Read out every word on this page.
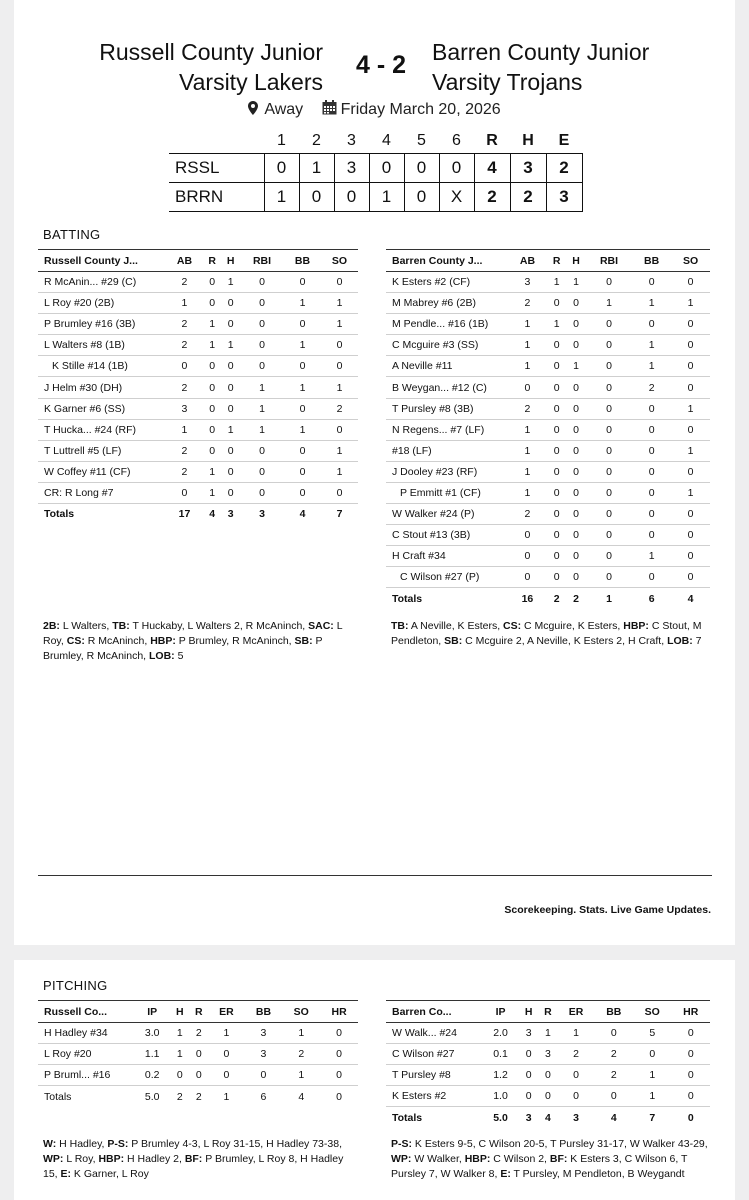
Russell County Junior
Varsity Lakers
4 - 2	Barren County Junior
Varsity Trojans
Away Friday March 20, 2026
	1	2	3	4	5	6	R	H	E
RSSL	0	1	3	0	0	0	4	3	2
BRRN	1	0	0	1	0	X	2	2	3
BATTING
Russell County J...	AB	R	H	RBI	BB	SO
R McAnin... #29 (C)	2	0	1	0	0	0
L Roy #20 (2B)	1	0	0	0	1	1
P Brumley #16 (3B)	2	1	0	0	0	1
L Walters #8 (1B)	2	1	1	0	1	0
K Stille #14 (1B)	0	0	0	0	0	0
J Helm #30 (DH)	2	0	0	1	1	1
K Garner #6 (SS)	3	0	0	1	0	2
T Hucka... #24 (RF)	1	0	1	1	1	0
T Luttrell #5 (LF)	2	0	0	0	0	1
W Coffey #11 (CF)	2	1	0	0	0	1
CR: R Long #7	0	1	0	0	0	0
Totals	17	4	3	3	4	7
Barren County J...	AB	R	H	RBI	BB	SO
K Esters #2 (CF)	3	1	1	0	0	0
M Mabrey #6 (2B)	2	0	0	1	1	1
M Pendle... #16 (1B)	1	1	0	0	0	0
C Mcguire #3 (SS)	1	0	0	0	1	0
A Neville #11	1	0	1	0	1	0
B Weygan... #12 (C)	0	0	0	0	2	0
T Pursley #8 (3B)	2	0	0	0	0	1
N Regens... #7 (LF)	1	0	0	0	0	0
#18 (LF)	1	0	0	0	0	1
J Dooley #23 (RF)	1	0	0	0	0	0
P Emmitt #1 (CF)	1	0	0	0	0	1
W Walker #24 (P)	2	0	0	0	0	0
C Stout #13 (3B)	0	0	0	0	0	0
H Craft #34	0	0	0	0	1	0
C Wilson #27 (P)	0	0	0	0	0	0
Totals	16	2	2	1	6	4
2B: L Walters, TB: T Huckaby, L Walters 2, R McAninch, SAC: L Roy, CS: R McAninch, HBP: P Brumley, R McAninch, SB: P Brumley, R McAninch, LOB: 5
TB: A Neville, K Esters, CS: C Mcguire, K Esters, HBP: C Stout, M Pendleton, SB: C Mcguire 2, A Neville, K Esters 2, H Craft, LOB: 7
Scorekeeping. Stats. Live Game Updates.
PITCHING
Russell Co...	IP	H	R	ER	BB	SO	HR
H Hadley #34	3.0	1	2	1	3	1	0
L Roy #20	1.1	1	0	0	3	2	0
P Bruml... #16	0.2	0	0	0	0	1	0
Totals	5.0	2	2	1	6	4	0
Barren Co...	IP	H	R	ER	BB	SO	HR
W Walk... #24	2.0	3	1	1	0	5	0
C Wilson #27	0.1	0	3	2	2	0	0
T Pursley #8	1.2	0	0	0	2	1	0
K Esters #2	1.0	0	0	0	0	1	0
Totals	5.0	3	4	3	4	7	0
W: H Hadley, P-S: P Brumley 4-3, L Roy 31-15, H Hadley 73-38, WP: L Roy, HBP: H Hadley 2, BF: P Brumley, L Roy 8, H Hadley 15, E: K Garner, L Roy
P-S: K Esters 9-5, C Wilson 20-5, T Pursley 31-17, W Walker 43-29, WP: W Walker, HBP: C Wilson 2, BF: K Esters 3, C Wilson 6, T Pursley 7, W Walker 8, E: T Pursley, M Pendleton, B Weygandt
